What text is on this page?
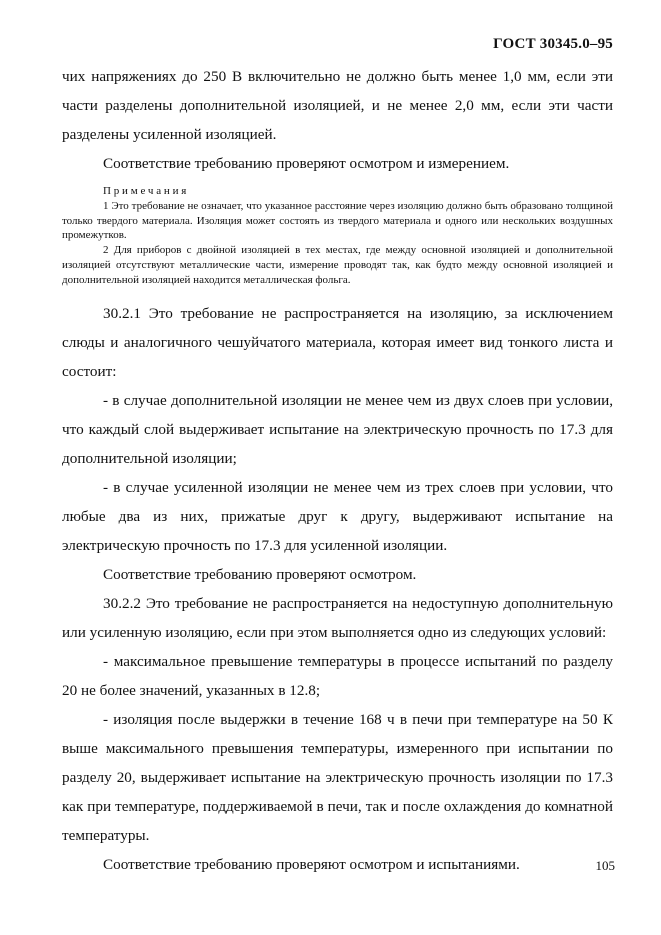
ГОСТ 30345.0–95

чих напряжениях до 250 В включительно не должно быть менее 1,0 мм, если эти части разделены дополнительной изоляцией, и не менее 2,0 мм, если эти части разделены усиленной изоляцией.

Соответствие требованию проверяют осмотром и измерением.

Примечания

1 Это требование не означает, что указанное расстояние через изоляцию должно быть образовано толщиной только твердого материала. Изоляция может состоять из твердого материала и одного или нескольких воздушных промежутков.

2 Для приборов с двойной изоляцией в тех местах, где между основной изоляцией и дополнительной изоляцией отсутствуют металлические части, измерение проводят так, как будто между основной изоляцией и дополнительной изоляцией находится металлическая фольга.

30.2.1 Это требование не распространяется на изоляцию, за исключением слюды и аналогичного чешуйчатого материала, которая имеет вид тонкого листа и состоит:

- в случае дополнительной изоляции не менее чем из двух слоев при условии, что каждый слой выдерживает испытание на электрическую прочность по 17.3 для дополнительной изоляции;

- в случае усиленной изоляции не менее чем из трех слоев при условии, что любые два из них, прижатые друг к другу, выдерживают испытание на электрическую прочность по 17.3 для усиленной изоляции.

Соответствие требованию проверяют осмотром.

30.2.2 Это требование не распространяется на недоступную дополнительную или усиленную изоляцию, если при этом выполняется одно из следующих условий:

- максимальное превышение температуры в процессе испытаний по разделу 20 не более значений, указанных в 12.8;

- изоляция после выдержки в течение 168 ч в печи при температуре на 50 К выше максимального превышения температуры, измеренного при испытании по разделу 20, выдерживает испытание на электрическую прочность изоляции по 17.3 как при температуре, поддерживаемой в печи, так и после охлаждения до комнатной температуры.

Соответствие требованию проверяют осмотром и испытаниями.	105
